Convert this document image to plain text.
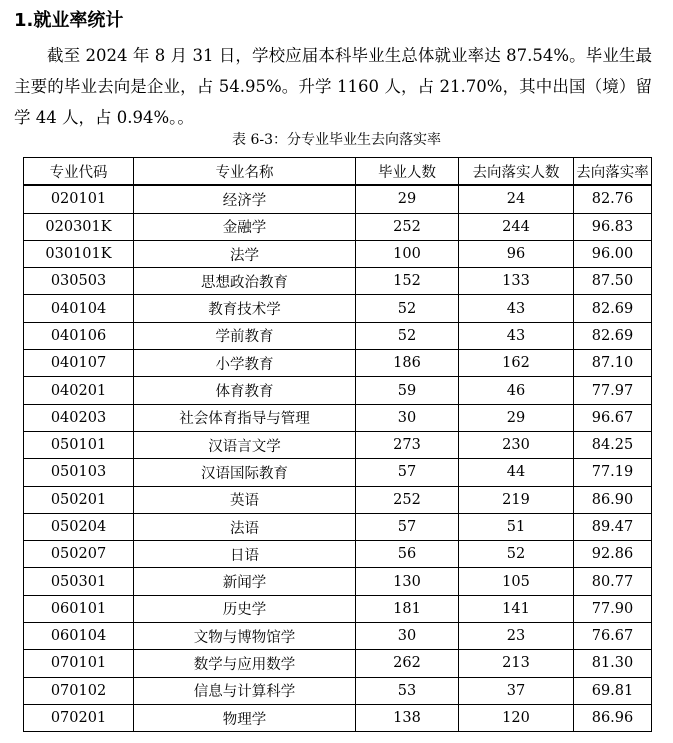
1.就业率统计

截至 2024 年 8 月 31 日，学校应届本科毕业生总体就业率达 87.54%。毕业生最主要的毕业去向是企业，占 54.95%。升学 1160 人，占 21.70%，其中出国（境）留学 44 人，占 0.94%。。

表 6-3：分专业毕业生去向落实率
专业代码	专业名称	毕业人数	去向落实人数	去向落实率
020101	经济学	29	24	82.76
020301K	金融学	252	244	96.83
030101K	法学	100	96	96.00
030503	思想政治教育	152	133	87.50
040104	教育技术学	52	43	82.69
040106	学前教育	52	43	82.69
040107	小学教育	186	162	87.10
040201	体育教育	59	46	77.97
040203	社会体育指导与管理	30	29	96.67
050101	汉语言文学	273	230	84.25
050103	汉语国际教育	57	44	77.19
050201	英语	252	219	86.90
050204	法语	57	51	89.47
050207	日语	56	52	92.86
050301	新闻学	130	105	80.77
060101	历史学	181	141	77.90
060104	文物与博物馆学	30	23	76.67
070101	数学与应用数学	262	213	81.30
070102	信息与计算科学	53	37	69.81
070201	物理学	138	120	86.96
